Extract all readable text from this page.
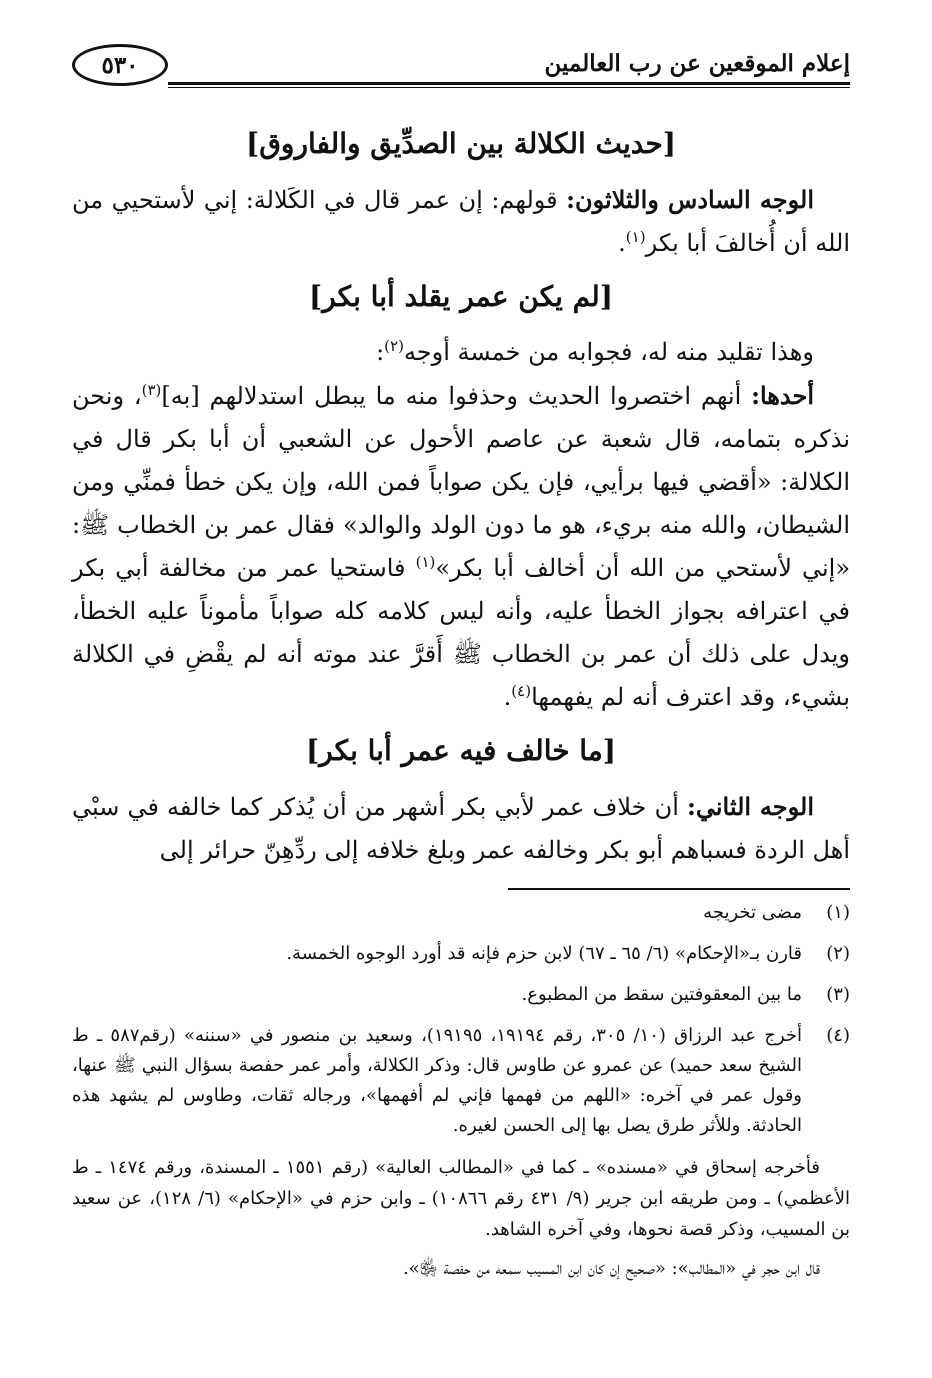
إعلام الموقعين عن رب العالمين
٥٣٠
[حديث الكلالة بين الصدِّيق والفاروق]

الوجه السادس والثلاثون: قولهم: إن عمر قال في الكَلالة: إني لأستحيي من الله أن أُخالفَ أبا بكر$^{(١)}$.

[لم يكن عمر يقلد أبا بكر]

وهذا تقليد منه له، فجوابه من خمسة أوجه$^{(٢)}$:

أحدها: أنهم اختصروا الحديث وحذفوا منه ما يبطل استدلالهم [به]$^{(٣)}$، ونحن نذكره بتمامه، قال شعبة عن عاصم الأحول عن الشعبي أن أبا بكر قال في الكلالة: «أقضي فيها برأيي، فإن يكن صواباً فمن الله، وإن يكن خطأ فمنِّي ومن الشيطان، والله منه بريء، هو ما دون الولد والوالد» فقال عمر بن الخطاب ﷺ: «إني لأستحي من الله أن أخالف أبا بكر»$^{(١)}$ فاستحيا عمر من مخالفة أبي بكر في اعترافه بجواز الخطأ عليه، وأنه ليس كلامه كله صواباً مأموناً عليه الخطأ، ويدل على ذلك أن عمر بن الخطاب ﷺ أَقرَّ عند موته أنه لم يقْضِ في الكلالة بشيء، وقد اعترف أنه لم يفهمها$^{(٤)}$.

[ما خالف فيه عمر أبا بكر]

الوجه الثاني: أن خلاف عمر لأبي بكر أشهر من أن يُذكر كما خالفه في سبْي أهل الردة فسباهم أبو بكر وخالفه عمر وبلغ خلافه إلى ردِّهِنّ حرائر إلى

(١)
مضى تخريجه
(٢)
قارن بـ«الإحكام» (٦/ ٦٥ ـ ٦٧) لابن حزم فإنه قد أورد الوجوه الخمسة.
(٣)
ما بين المعقوفتين سقط من المطبوع.
(٤)
أخرج عبد الرزاق (١٠/ ٣٠٥، رقم ١٩١٩٤، ١٩١٩٥)، وسعيد بن منصور في «سننه» (رقم٥٨٧ ـ ط الشيخ سعد حميد) عن عمرو عن طاوس قال: وذكر الكلالة، وأمر عمر حفصة بسؤال النبي ﷺ عنها، وقول عمر في آخره: «اللهم من فهمها فإني لم أفهمها»، ورجاله ثقات، وطاوس لم يشهد هذه الحادثة. وللأثر طرق يصل بها إلى الحسن لغيره.
فأخرجه إسحاق في «مسنده» ـ كما في «المطالب العالية» (رقم ١٥٥١ ـ المسندة، ورقم ١٤٧٤ ـ ط الأعظمي) ـ ومن طريقه ابن جرير (٩/ ٤٣١ رقم ١٠٨٦٦) ـ وابن حزم في «الإحكام» (٦/ ١٢٨)، عن سعيد بن المسيب، وذكر قصة نحوها، وفي آخره الشاهد.
قال ابن حجر في «المطالب»: «صحيح إن كان ابن المسيب سمعه من حفصة ﵂».
